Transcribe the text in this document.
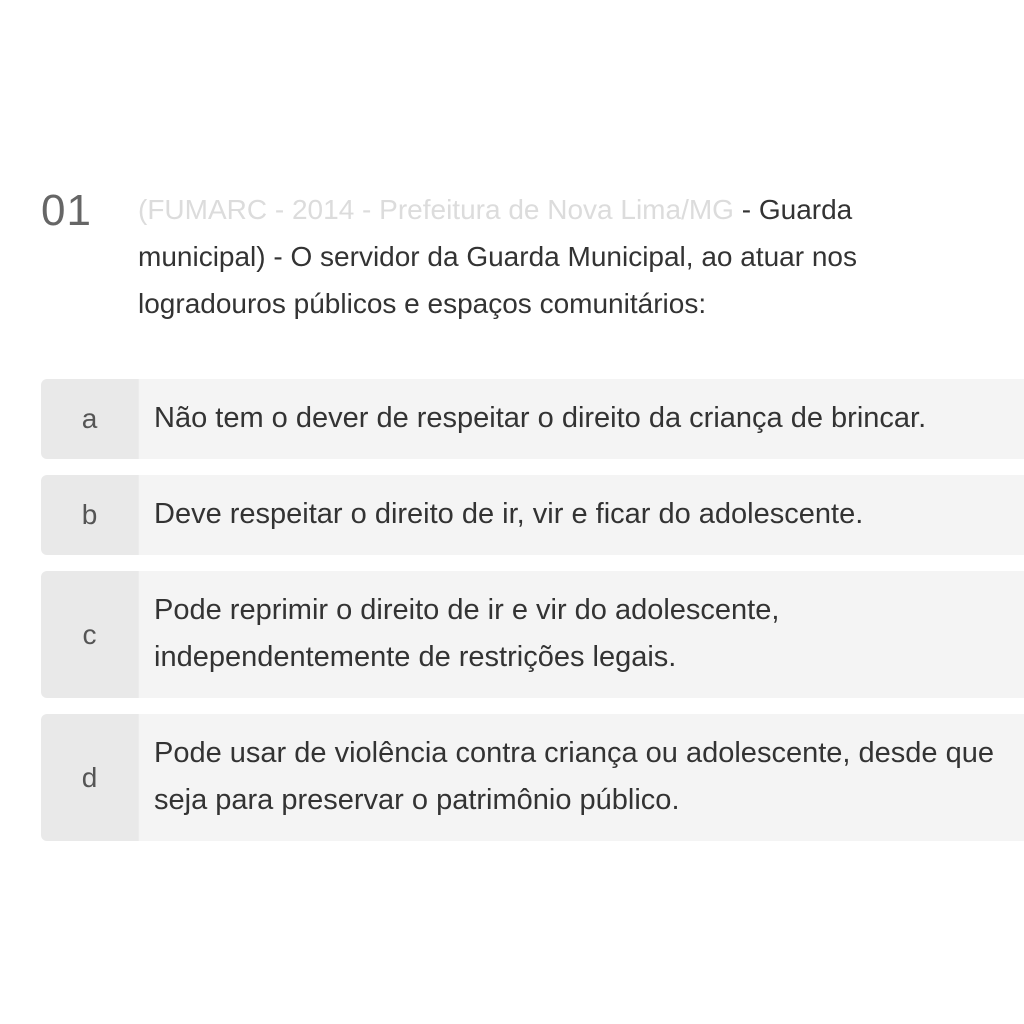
01	(FUMARC - 2014 - Prefeitura de Nova Lima/MG - Guarda municipal) - O servidor da Guarda Municipal, ao atuar nos logradouros públicos e espaços comunitários:
a	Não tem o dever de respeitar o direito da criança de brincar.
b	Deve respeitar o direito de ir, vir e ficar do adolescente.
c
Pode reprimir o direito de ir e vir do adolescente, independentemente de restrições legais.
d
Pode usar de violência contra criança ou adolescente, desde que seja para preservar o patrimônio público.
